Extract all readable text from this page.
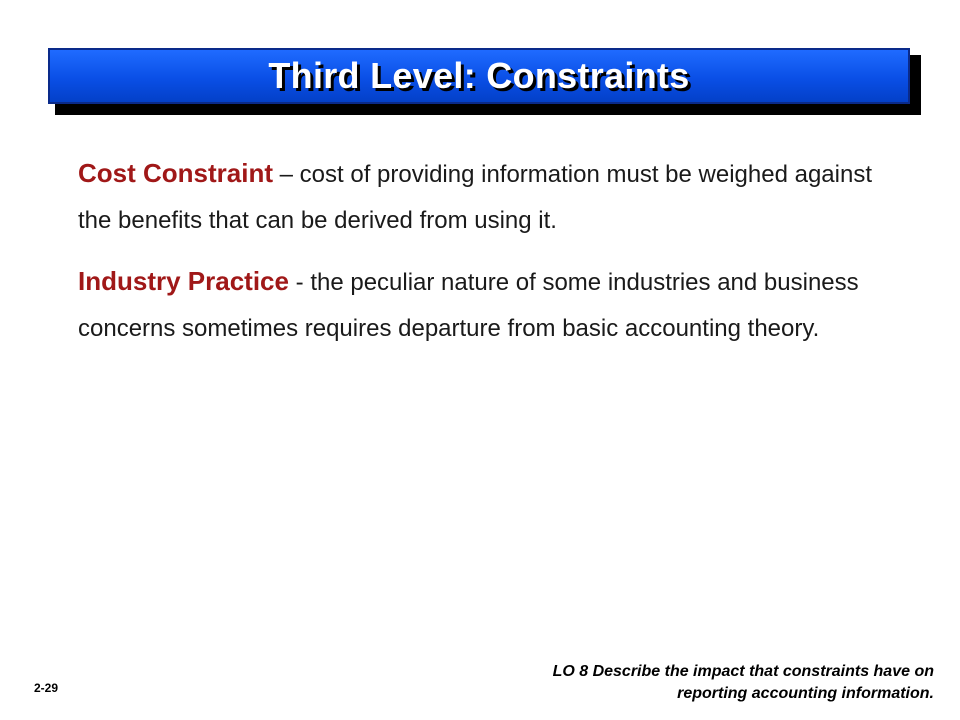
Third Level: Constraints

Cost Constraint – cost of providing information must be weighed against the benefits that can be derived from using it.

Industry Practice - the peculiar nature of some industries and business concerns sometimes requires departure from basic accounting theory.

2-29
LO 8 Describe the impact that constraints have on
reporting accounting information.
